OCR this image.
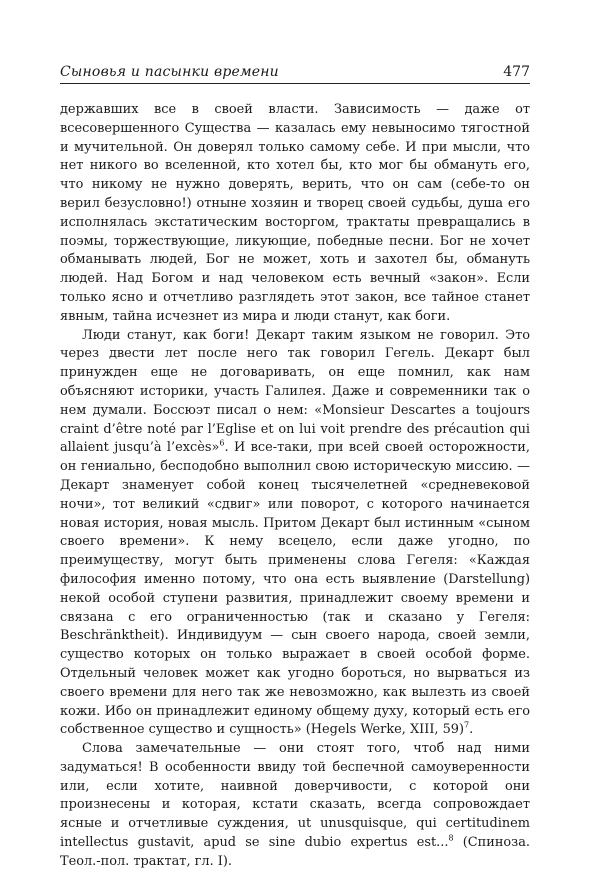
Сыновья и пасынки времени	477

державших все в своей власти. Зависимость — даже от всесовершенного Существа — казалась ему невыносимо тягостной и мучительной. Он доверял только самому себе. И при мысли, что нет никого во вселенной, кто хотел бы, кто мог бы обмануть его, что никому не нужно доверять, верить, что он сам (себе-то он верил безусловно!) отныне хозяин и творец своей судьбы, душа его исполнялась экстатическим восторгом, трактаты превращались в поэмы, торжествующие, ликующие, победные песни. Бог не хочет обманывать людей, Бог не может, хоть и захотел бы, обмануть людей. Над Богом и над человеком есть вечный «закон». Если только ясно и отчетливо разглядеть этот закон, все тайное станет явным, тайна исчезнет из мира и люди станут, как боги.

Люди станут, как боги! Декарт таким языком не говорил. Это через двести лет после него так говорил Гегель. Декарт был принужден еще не договаривать, он еще помнил, как нам объясняют историки, участь Галилея. Даже и современники так о нем думали. Боссюэт писал о нем: «Monsieur Descartes a toujours craint d’être noté par l’Eglise et on lui voit prendre des précaution qui allaient jusqu’à l’excès»$^6$. И все-таки, при всей своей осторожности, он гениально, бесподобно выполнил свою историческую миссию. — Декарт знаменует собой конец тысячелетней «средневековой ночи», тот великий «сдвиг» или поворот, с которого начинается новая история, новая мысль. Притом Декарт был истинным «сыном своего времени». К нему всецело, если даже угодно, по преимуществу, могут быть применены слова Гегеля: «Каждая философия именно потому, что она есть выявление (Darstellung) некой особой ступени развития, принадлежит своему времени и связана с его ограниченностью (так и сказано у Гегеля: Beschränktheit). Индивидуум — сын своего народа, своей земли, существо которых он только выражает в своей особой форме. Отдельный человек может как угодно бороться, но вырваться из своего времени для него так же невозможно, как вылезть из своей кожи. Ибо он принадлежит единому общему духу, который есть его собственное существо и сущность» (Hegels Werke, XIII, 59)$^7$.

Слова замечательные — они стоят того, чтоб над ними задуматься! В особенности ввиду той беспечной самоуверенности или, если хотите, наивной доверчивости, с которой они произнесены и которая, кстати сказать, всегда сопровождает ясные и отчетливые суждения, ut unusquisque, qui certitudinem intellectus gustavit, apud se sine dubio expertus est...$^8$ (Спиноза. Теол.-пол. трактат, гл. I).
